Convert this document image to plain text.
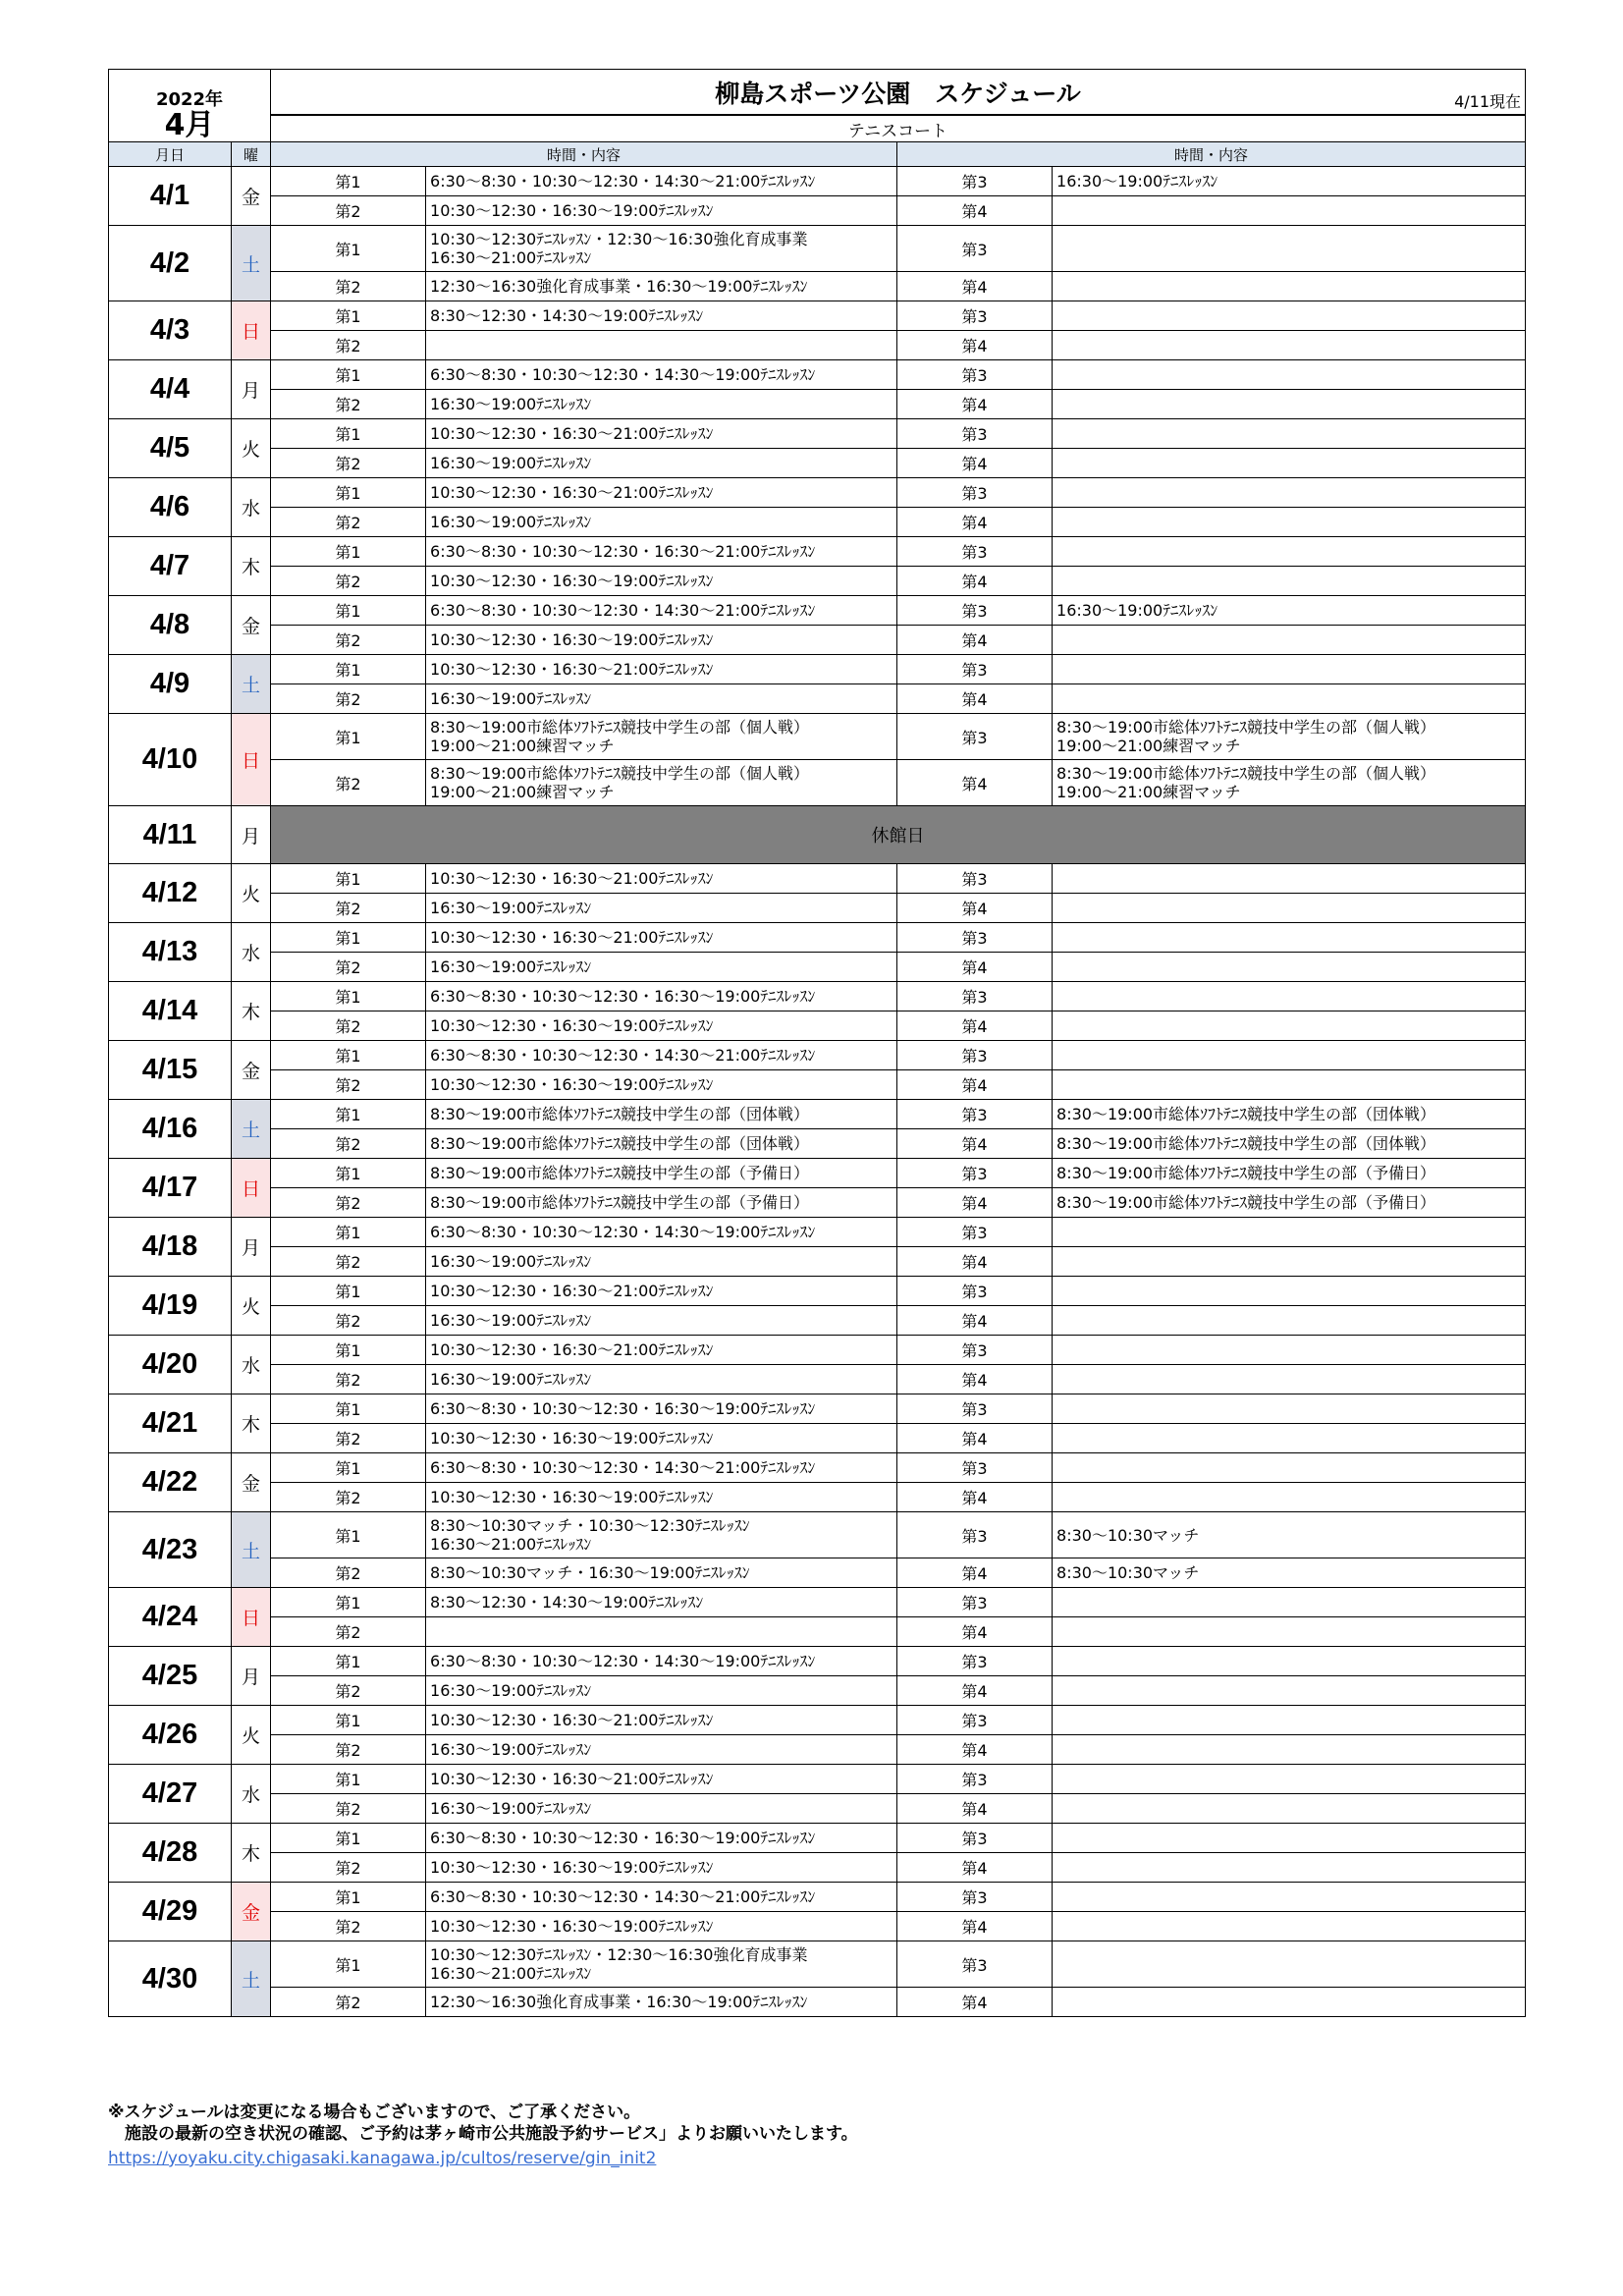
2022年
4月		柳島スポーツ公園　スケジュール 4/11現在			

		テニスコート			
月日	曜	時間・内容		時間・内容	
4/1	金	第1	6:30〜8:30・10:30〜12:30・14:30〜21:00ﾃﾆｽﾚｯｽﾝ	第3	16:30〜19:00ﾃﾆｽﾚｯｽﾝ
		第2	10:30〜12:30・16:30〜19:00ﾃﾆｽﾚｯｽﾝ	第4	
4/2	土	第1	10:30〜12:30ﾃﾆｽﾚｯｽﾝ・12:30〜16:30強化育成事業
16:30〜21:00ﾃﾆｽﾚｯｽﾝ	第3	
		第2	12:30〜16:30強化育成事業・16:30〜19:00ﾃﾆｽﾚｯｽﾝ	第4	
4/3	日	第1	8:30〜12:30・14:30〜19:00ﾃﾆｽﾚｯｽﾝ	第3	
		第2		第4	
4/4	月	第1	6:30〜8:30・10:30〜12:30・14:30〜19:00ﾃﾆｽﾚｯｽﾝ	第3	
		第2	16:30〜19:00ﾃﾆｽﾚｯｽﾝ	第4	
4/5	火	第1	10:30〜12:30・16:30〜21:00ﾃﾆｽﾚｯｽﾝ	第3	
		第2	16:30〜19:00ﾃﾆｽﾚｯｽﾝ	第4	
4/6	水	第1	10:30〜12:30・16:30〜21:00ﾃﾆｽﾚｯｽﾝ	第3	
		第2	16:30〜19:00ﾃﾆｽﾚｯｽﾝ	第4	
4/7	木	第1	6:30〜8:30・10:30〜12:30・16:30〜21:00ﾃﾆｽﾚｯｽﾝ	第3	
		第2	10:30〜12:30・16:30〜19:00ﾃﾆｽﾚｯｽﾝ	第4	
4/8	金	第1	6:30〜8:30・10:30〜12:30・14:30〜21:00ﾃﾆｽﾚｯｽﾝ	第3	16:30〜19:00ﾃﾆｽﾚｯｽﾝ
		第2	10:30〜12:30・16:30〜19:00ﾃﾆｽﾚｯｽﾝ	第4	
4/9	土	第1	10:30〜12:30・16:30〜21:00ﾃﾆｽﾚｯｽﾝ	第3	
		第2	16:30〜19:00ﾃﾆｽﾚｯｽﾝ	第4	
4/10	日	第1	8:30〜19:00市総体ｿﾌﾄﾃﾆｽ競技中学生の部（個人戦）
19:00〜21:00練習マッチ	第3	8:30〜19:00市総体ｿﾌﾄﾃﾆｽ競技中学生の部（個人戦）
19:00〜21:00練習マッチ
		第2	8:30〜19:00市総体ｿﾌﾄﾃﾆｽ競技中学生の部（個人戦）
19:00〜21:00練習マッチ	第4	8:30〜19:00市総体ｿﾌﾄﾃﾆｽ競技中学生の部（個人戦）
19:00〜21:00練習マッチ
4/11	月	休館日			
4/12	火	第1	10:30〜12:30・16:30〜21:00ﾃﾆｽﾚｯｽﾝ	第3	
		第2	16:30〜19:00ﾃﾆｽﾚｯｽﾝ	第4	
4/13	水	第1	10:30〜12:30・16:30〜21:00ﾃﾆｽﾚｯｽﾝ	第3	
		第2	16:30〜19:00ﾃﾆｽﾚｯｽﾝ	第4	
4/14	木	第1	6:30〜8:30・10:30〜12:30・16:30〜19:00ﾃﾆｽﾚｯｽﾝ	第3	
		第2	10:30〜12:30・16:30〜19:00ﾃﾆｽﾚｯｽﾝ	第4	
4/15	金	第1	6:30〜8:30・10:30〜12:30・14:30〜21:00ﾃﾆｽﾚｯｽﾝ	第3	
		第2	10:30〜12:30・16:30〜19:00ﾃﾆｽﾚｯｽﾝ	第4	
4/16	土	第1	8:30〜19:00市総体ｿﾌﾄﾃﾆｽ競技中学生の部（団体戦）	第3	8:30〜19:00市総体ｿﾌﾄﾃﾆｽ競技中学生の部（団体戦）
		第2	8:30〜19:00市総体ｿﾌﾄﾃﾆｽ競技中学生の部（団体戦）	第4	8:30〜19:00市総体ｿﾌﾄﾃﾆｽ競技中学生の部（団体戦）
4/17	日	第1	8:30〜19:00市総体ｿﾌﾄﾃﾆｽ競技中学生の部（予備日）	第3	8:30〜19:00市総体ｿﾌﾄﾃﾆｽ競技中学生の部（予備日）
		第2	8:30〜19:00市総体ｿﾌﾄﾃﾆｽ競技中学生の部（予備日）	第4	8:30〜19:00市総体ｿﾌﾄﾃﾆｽ競技中学生の部（予備日）
4/18	月	第1	6:30〜8:30・10:30〜12:30・14:30〜19:00ﾃﾆｽﾚｯｽﾝ	第3	
		第2	16:30〜19:00ﾃﾆｽﾚｯｽﾝ	第4	
4/19	火	第1	10:30〜12:30・16:30〜21:00ﾃﾆｽﾚｯｽﾝ	第3	
		第2	16:30〜19:00ﾃﾆｽﾚｯｽﾝ	第4	
4/20	水	第1	10:30〜12:30・16:30〜21:00ﾃﾆｽﾚｯｽﾝ	第3	
		第2	16:30〜19:00ﾃﾆｽﾚｯｽﾝ	第4	
4/21	木	第1	6:30〜8:30・10:30〜12:30・16:30〜19:00ﾃﾆｽﾚｯｽﾝ	第3	
		第2	10:30〜12:30・16:30〜19:00ﾃﾆｽﾚｯｽﾝ	第4	
4/22	金	第1	6:30〜8:30・10:30〜12:30・14:30〜21:00ﾃﾆｽﾚｯｽﾝ	第3	
		第2	10:30〜12:30・16:30〜19:00ﾃﾆｽﾚｯｽﾝ	第4	
4/23	土	第1	8:30〜10:30マッチ・10:30〜12:30ﾃﾆｽﾚｯｽﾝ
16:30〜21:00ﾃﾆｽﾚｯｽﾝ	第3	8:30〜10:30マッチ
		第2	8:30〜10:30マッチ・16:30〜19:00ﾃﾆｽﾚｯｽﾝ	第4	8:30〜10:30マッチ
4/24	日	第1	8:30〜12:30・14:30〜19:00ﾃﾆｽﾚｯｽﾝ	第3	
		第2		第4	
4/25	月	第1	6:30〜8:30・10:30〜12:30・14:30〜19:00ﾃﾆｽﾚｯｽﾝ	第3	
		第2	16:30〜19:00ﾃﾆｽﾚｯｽﾝ	第4	
4/26	火	第1	10:30〜12:30・16:30〜21:00ﾃﾆｽﾚｯｽﾝ	第3	
		第2	16:30〜19:00ﾃﾆｽﾚｯｽﾝ	第4	
4/27	水	第1	10:30〜12:30・16:30〜21:00ﾃﾆｽﾚｯｽﾝ	第3	
		第2	16:30〜19:00ﾃﾆｽﾚｯｽﾝ	第4	
4/28	木	第1	6:30〜8:30・10:30〜12:30・16:30〜19:00ﾃﾆｽﾚｯｽﾝ	第3	
		第2	10:30〜12:30・16:30〜19:00ﾃﾆｽﾚｯｽﾝ	第4	
4/29	金	第1	6:30〜8:30・10:30〜12:30・14:30〜21:00ﾃﾆｽﾚｯｽﾝ	第3	
		第2	10:30〜12:30・16:30〜19:00ﾃﾆｽﾚｯｽﾝ	第4	
4/30	土	第1	10:30〜12:30ﾃﾆｽﾚｯｽﾝ・12:30〜16:30強化育成事業
16:30〜21:00ﾃﾆｽﾚｯｽﾝ	第3	
		第2	12:30〜16:30強化育成事業・16:30〜19:00ﾃﾆｽﾚｯｽﾝ	第4	
※スケジュールは変更になる場合もございますので、ご了承ください。
　施設の最新の空き状況の確認、ご予約は茅ヶ崎市公共施設予約サービス」よりお願いいたします。
https://yoyaku.city.chigasaki.kanagawa.jp/cultos/reserve/gin_init2
